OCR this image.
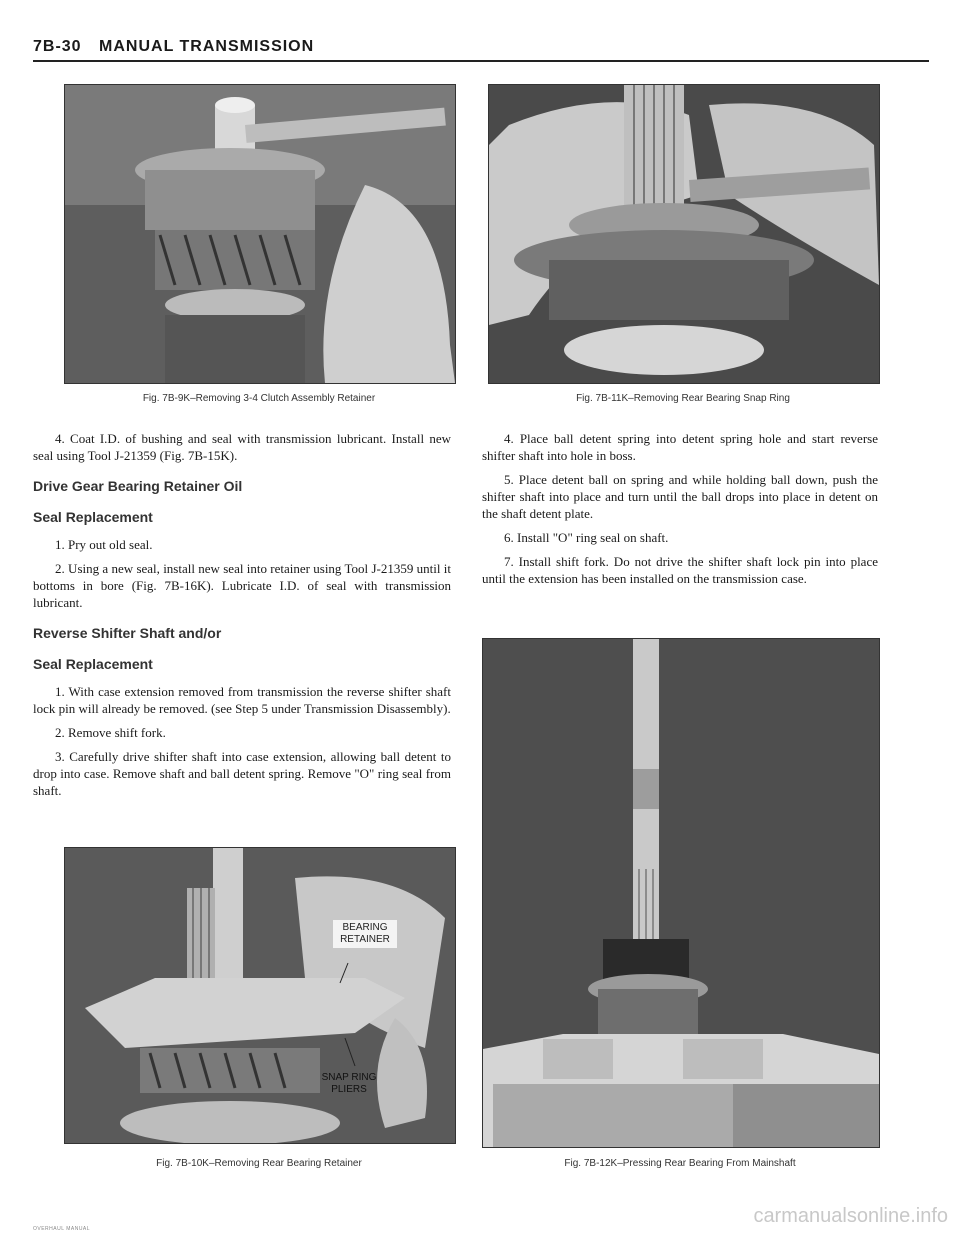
7B-30 MANUAL TRANSMISSION
Fig. 7B-9K–Removing 3-4 Clutch Assembly Retainer	Fig. 7B-11K–Removing Rear Bearing Snap Ring

4. Coat I.D. of bushing and seal with transmission lubricant. Install new seal using Tool J-21359 (Fig. 7B-15K).

Drive Gear Bearing Retainer Oil
Seal Replacement

1. Pry out old seal.

2. Using a new seal, install new seal into retainer using Tool J-21359 until it bottoms in bore (Fig. 7B-16K). Lubricate I.D. of seal with transmission lubricant.

Reverse Shifter Shaft and/or
Seal Replacement

1. With case extension removed from transmission the reverse shifter shaft lock pin will already be removed. (see Step 5 under Transmission Disassembly).

2. Remove shift fork.

3. Carefully drive shifter shaft into case extension, allowing ball detent to drop into case. Remove shaft and ball detent spring. Remove "O" ring seal from shaft.

4. Place ball detent spring into detent spring hole and start reverse shifter shaft into hole in boss.

5. Place detent ball on spring and while holding ball down, push the shifter shaft into place and turn until the ball drops into place in detent on the shaft detent plate.

6. Install "O" ring seal on shaft.

7. Install shift fork. Do not drive the shifter shaft lock pin into place until the extension has been installed on the transmission case.

BEARING RETAINER
SNAP RING PLIERS
Fig. 7B-10K–Removing Rear Bearing Retainer	Fig. 7B-12K–Pressing Rear Bearing From Mainshaft
OVERHAUL MANUAL
carmanualsonline.info
